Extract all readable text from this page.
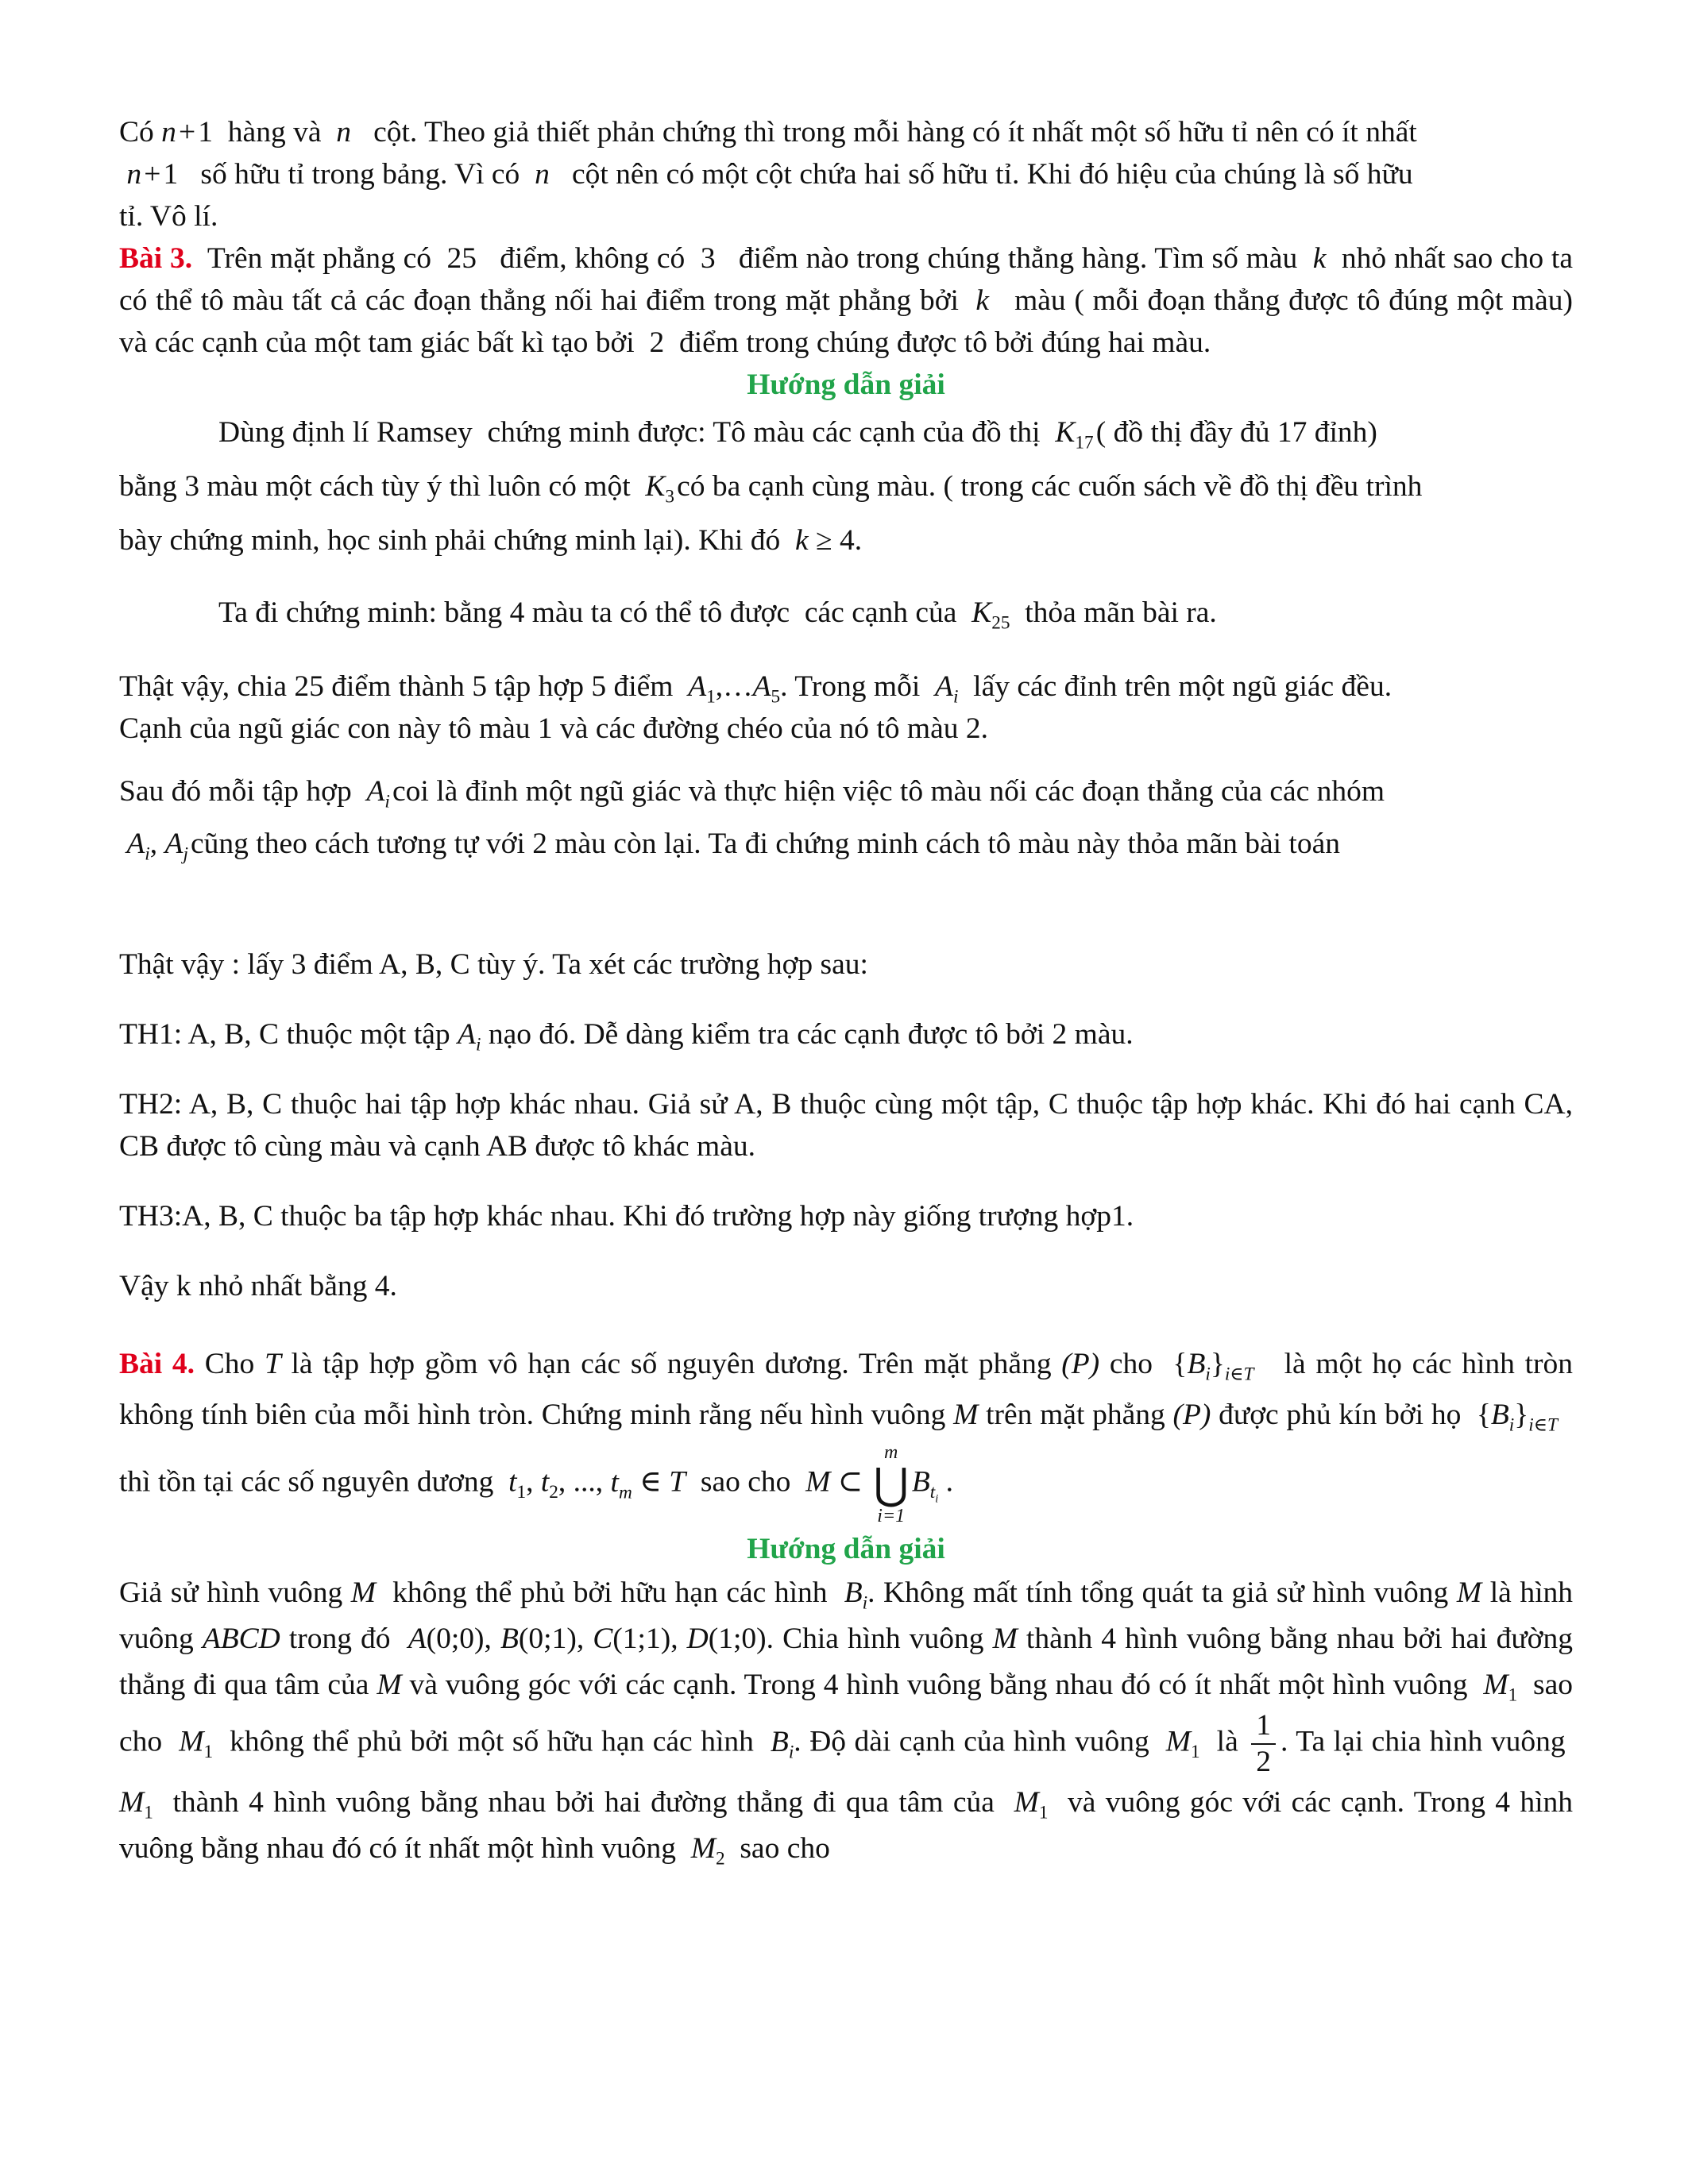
Có n + 1  hàng và  n   cột. Theo giả thiết phản chứng thì trong mỗi hàng có ít nhất một số hữu tỉ nên có ít nhất
n + 1   số hữu tỉ trong bảng. Vì có  n   cột nên có một cột chứa hai số hữu tỉ. Khi đó hiệu của chúng là số hữu
tỉ. Vô lí.

Bài 3.  Trên mặt phẳng có  25   điểm, không có  3   điểm nào trong chúng thẳng hàng. Tìm số màu  k  nhỏ nhất sao cho ta có thể tô màu tất cả các đoạn thẳng nối hai điểm trong mặt phẳng bởi  k   màu ( mỗi đoạn thẳng được tô đúng một màu) và các cạnh của một tam giác bất kì tạo bởi  2  điểm trong chúng được tô bởi đúng hai màu.

Hướng dẫn giải

Dùng định lí Ramsey  chứng minh được: Tô màu các cạnh của đồ thị  $K_{17}$ ( đồ thị đầy đủ 17 đỉnh)
bằng 3 màu một cách tùy ý thì luôn có một  $K_3$ có ba cạnh cùng màu. ( trong các cuốn sách về đồ thị đều trình
bày chứng minh, học sinh phải chứng minh lại). Khi đó  k ≥ 4.

Ta đi chứng minh: bằng 4 màu ta có thể tô được  các cạnh của  $K_{25}$  thỏa mãn bài ra.

Thật vậy, chia 25 điểm thành 5 tập hợp 5 điểm  $A_1,\dots A_5$. Trong mỗi  $A_i$  lấy các đỉnh trên một ngũ giác đều.
Cạnh của ngũ giác con này tô màu 1 và các đường chéo của nó tô màu 2.

Sau đó mỗi tập hợp  $A_i$ coi là đỉnh một ngũ giác và thực hiện việc tô màu nối các đoạn thẳng của các nhóm
$A_i$, $A_j$ cũng theo cách tương tự với 2 màu còn lại. Ta đi chứng minh cách tô màu này thỏa mãn bài toán

Thật vậy : lấy 3 điểm A, B, C tùy ý. Ta xét các trường hợp sau:

TH1: A, B, C thuộc một tập $A_i$ nạo đó. Dễ dàng kiểm tra các cạnh được tô bởi 2 màu.

TH2: A, B, C thuộc hai tập hợp khác nhau. Giả sử A, B thuộc cùng một tập, C thuộc tập hợp khác. Khi đó hai cạnh CA, CB được tô cùng màu và cạnh AB được tô khác màu.

TH3:A, B, C thuộc ba tập hợp khác nhau. Khi đó trường hợp này giống trượng hợp1.

Vậy k nhỏ nhất bằng 4.

Bài 4. Cho T là tập hợp gồm vô hạn các số nguyên dương. Trên mặt phẳng (P) cho  $\{B_i\}_{i\in T}$   là một họ các hình tròn không tính biên của mỗi hình tròn. Chứng minh rằng nếu hình vuông M trên mặt phẳng (P) được phủ kín bởi họ  $\{B_i\}_{i\in T}$   thì tồn tại các số nguyên dương  $t_1$, $t_2$, ..., $t_m$ ∈ T  sao cho  M ⊂
m
⋃
i=1
$B_{t_i}$ .

Hướng dẫn giải

Giả sử hình vuông M  không thể phủ bởi hữu hạn các hình  $B_i$. Không mất tính tổng quát ta giả sử hình vuông M là hình vuông ABCD trong đó  A(0;0), B(0;1), C(1;1), D(1;0). Chia hình vuông M thành 4 hình vuông bằng nhau bởi hai đường thẳng đi qua tâm của M và vuông góc với các cạnh. Trong 4 hình vuông bằng nhau đó có ít nhất một hình vuông  $M_1$  sao cho  $M_1$  không thể phủ bởi một số hữu hạn các hình  $B_i$. Độ dài cạnh của hình vuông  $M_1$  là $\frac{1}{2}$ . Ta lại chia hình vuông  $M_1$  thành 4 hình vuông bằng nhau bởi hai đường thẳng đi qua tâm của  $M_1$  và vuông góc với các cạnh. Trong 4 hình vuông bằng nhau đó có ít nhất một hình vuông  $M_2$  sao cho
